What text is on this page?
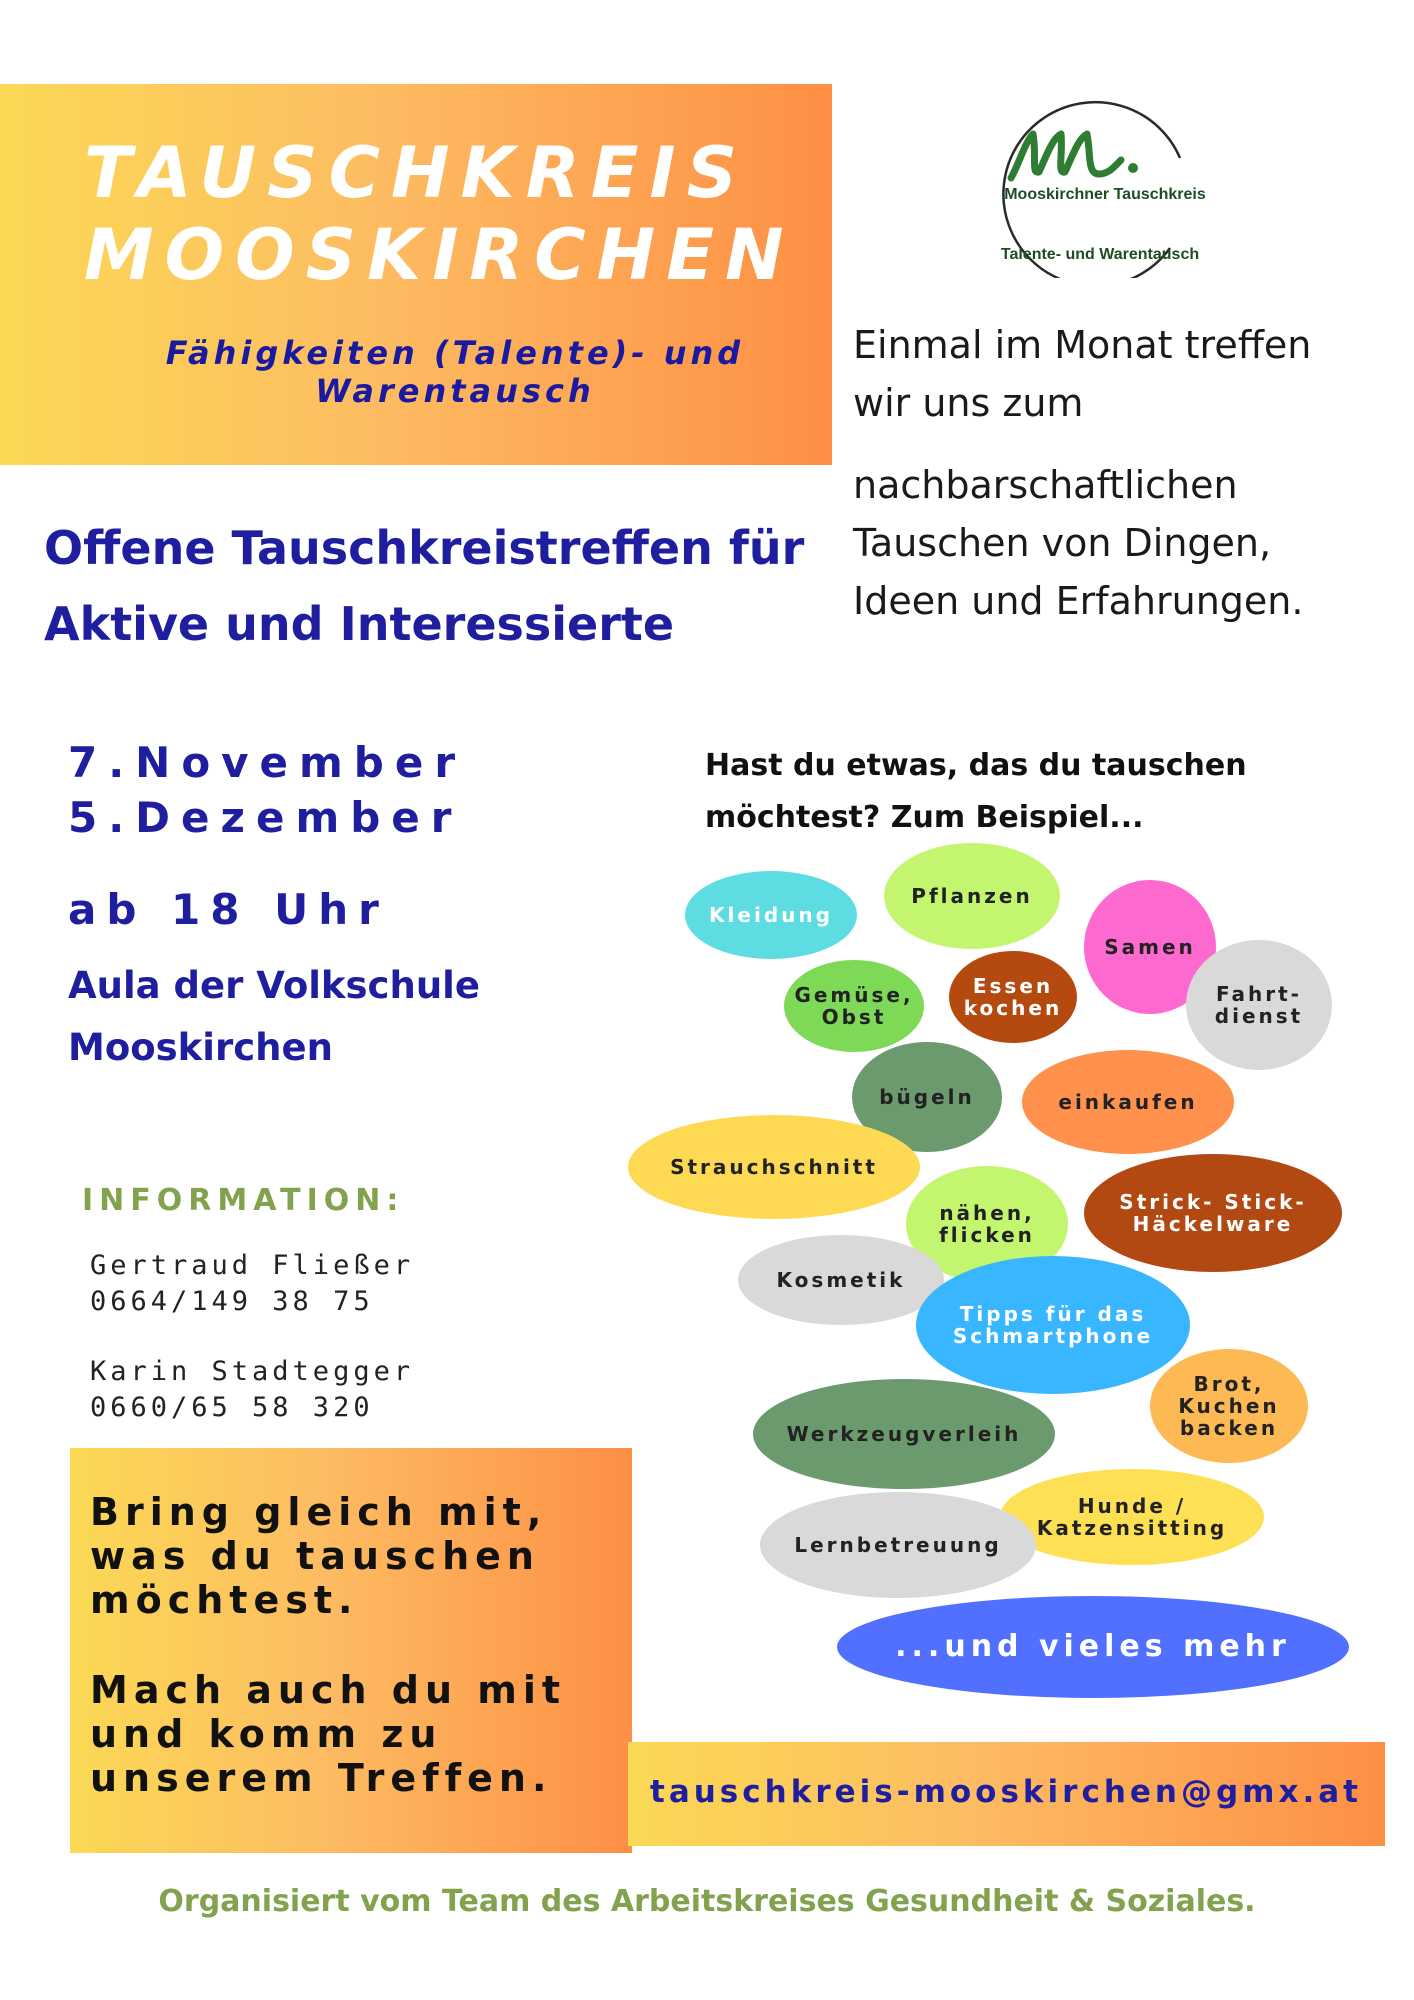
TAUSCHKREIS
MOOSKIRCHEN
Fähigkeiten (Talente)- und Warentausch
Mooskirchner Tauschkreis
Talente- und Warentausch
Einmal im Monat treffen wir uns zum
nachbarschaftlichen Tauschen von Dingen, Ideen und Erfahrungen.
Offene Tauschkreistreffen für Aktive und Interessierte
7.November
5.Dezember
ab 18 Uhr
Aula der Volkschule Mooskirchen
INFORMATION:
Gertraud Fließer
0664/149 38 75
Karin Stadtegger
0660/65 58 320
Bring gleich mit, was du tauschen möchtest.
Mach auch du mit und komm zu unserem Treffen.
Hast du etwas, das du tauschen möchtest? Zum Beispiel...
Kleidung
Pflanzen
Samen
Gemüse, Obst
Essen kochen
Fahrt- dienst
bügeln	einkaufen
Strauchschnitt
nähen, flicken
Strick- Stick- Häckelware
Kosmetik
Tipps für das Schmartphone
Brot, Kuchen backen
Werkzeugverleih
Hunde / Katzensitting
Lernbetreuung
...und vieles mehr
tauschkreis-mooskirchen@gmx.at
Organisiert vom Team des Arbeitskreises Gesundheit & Soziales.
